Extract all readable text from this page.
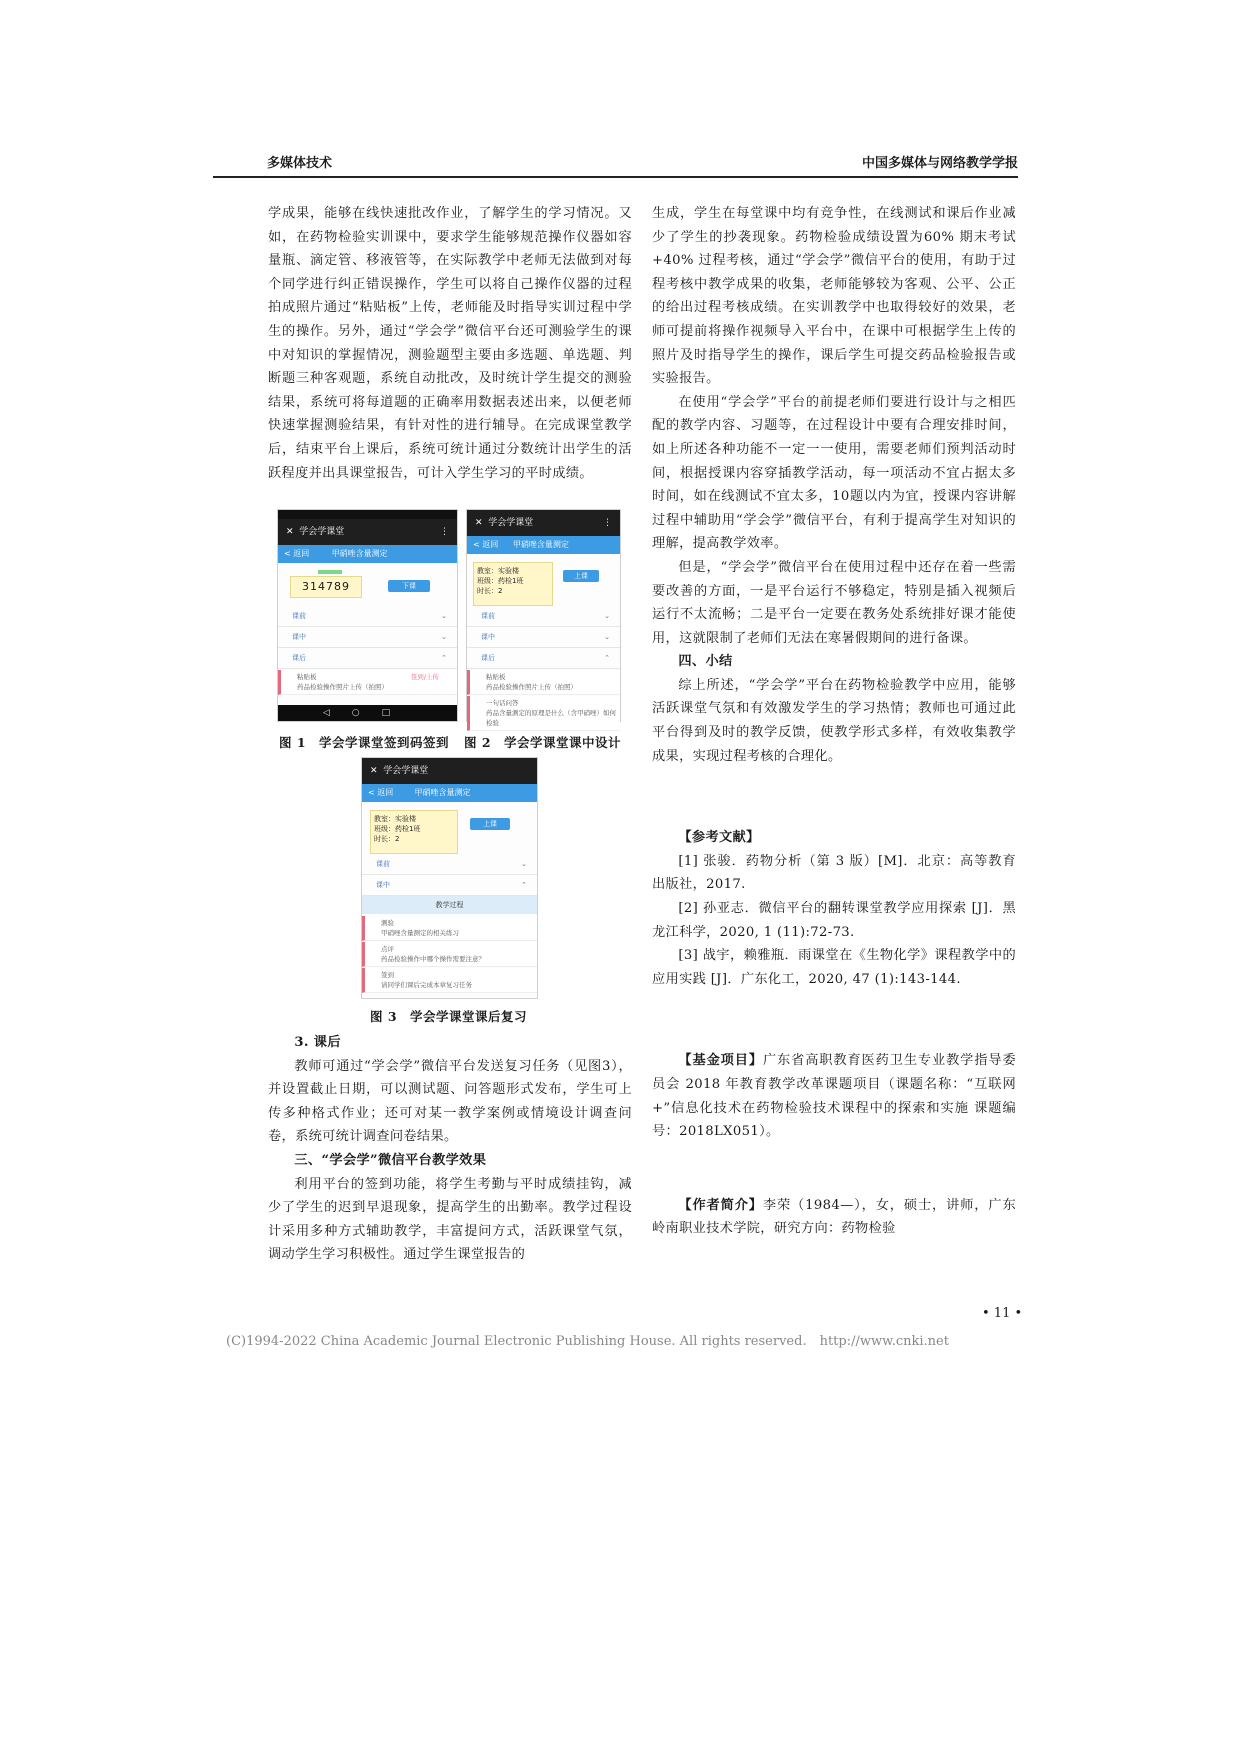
多媒体技术	中国多媒体与网络教学学报

学成果，能够在线快速批改作业，了解学生的学习情况。又如，在药物检验实训课中，要求学生能够规范操作仪器如容量瓶、滴定管、移液管等，在实际教学中老师无法做到对每个同学进行纠正错误操作，学生可以将自己操作仪器的过程拍成照片通过“粘贴板”上传，老师能及时指导实训过程中学生的操作。另外，通过“学会学”微信平台还可测验学生的课中对知识的掌握情况，测验题型主要由多选题、单选题、判断题三种客观题，系统自动批改，及时统计学生提交的测验结果，系统可将每道题的正确率用数据表述出来，以便老师快速掌握测验结果，有针对性的进行辅导。在完成课堂教学后，结束平台上课后，系统可统计通过分数统计出学生的活跃程度并出具课堂报告，可计入学生学习的平时成绩。

✕ 学会学课堂	⋮
< 返回	甲硝唑含量测定
314789	下课
课前	⌄
课中	⌄
课后	⌃
粘贴板
药品检验操作照片上传（拍照）
签到/上传
◁○□
✕ 学会学课堂	⋮
< 返回 甲硝唑含量测定
教室：实验楼
班级：药检1班
时长：2
上课
课前	⌄
课中	⌄
课后	⌃
粘贴板
药品检验操作照片上传（拍照）
一句话问答
药品含量测定的原理是什么（含甲硝唑）如何检验
图 1　学会学课堂签到码签到 图 2　学会学课堂课中设计
✕ 学会学课堂
< 返回	甲硝唑含量测定
教室：实验楼
班级：药检1班
时长：2
上课
课前	⌄
课中	⌃
教学过程
测验
甲硝唑含量测定的相关练习
点评
药品检验操作中哪个操作需要注意？
签到
请同学们课后完成本章复习任务
图 3　学会学课堂课后复习

3. 课后

教师可通过“学会学”微信平台发送复习任务（见图3），并设置截止日期，可以测试题、问答题形式发布，学生可上传多种格式作业；还可对某一教学案例或情境设计调查问卷，系统可统计调查问卷结果。

三、“学会学”微信平台教学效果

利用平台的签到功能，将学生考勤与平时成绩挂钩，减少了学生的迟到早退现象，提高学生的出勤率。教学过程设计采用多种方式辅助教学，丰富提问方式，活跃课堂气氛，调动学生学习积极性。通过学生课堂报告的

生成，学生在每堂课中均有竞争性，在线测试和课后作业减少了学生的抄袭现象。药物检验成绩设置为60% 期末考试 +40% 过程考核，通过“学会学”微信平台的使用，有助于过程考核中教学成果的收集，老师能够较为客观、公平、公正的给出过程考核成绩。在实训教学中也取得较好的效果，老师可提前将操作视频导入平台中，在课中可根据学生上传的照片及时指导学生的操作，课后学生可提交药品检验报告或实验报告。

在使用“学会学”平台的前提老师们要进行设计与之相匹配的教学内容、习题等，在过程设计中要有合理安排时间，如上所述各种功能不一定一一使用，需要老师们预判活动时间，根据授课内容穿插教学活动，每一项活动不宜占据太多时间，如在线测试不宜太多，10题以内为宜，授课内容讲解过程中辅助用“学会学”微信平台，有利于提高学生对知识的理解，提高教学效率。

但是，“学会学”微信平台在使用过程中还存在着一些需要改善的方面，一是平台运行不够稳定，特别是插入视频后运行不太流畅；二是平台一定要在教务处系统排好课才能使用，这就限制了老师们无法在寒暑假期间的进行备课。

四、小结

综上所述，“学会学”平台在药物检验教学中应用，能够活跃课堂气氛和有效激发学生的学习热情；教师也可通过此平台得到及时的教学反馈，使教学形式多样，有效收集教学成果，实现过程考核的合理化。

【参考文献】

[1] 张骏．药物分析（第 3 版）[M]．北京：高等教育出版社，2017.

[2] 孙亚志．微信平台的翻转课堂教学应用探索 [J]．黑龙江科学，2020, 1 (11):72-73.

[3] 战宇，赖雅瓶．雨课堂在《生物化学》课程教学中的应用实践 [J]．广东化工，2020, 47 (1):143-144.

【基金项目】广东省高职教育医药卫生专业教学指导委员会 2018 年教育教学改革课题项目（课题名称：“互联网 +”信息化技术在药物检验技术课程中的探索和实施 课题编号：2018LX051）。

【作者简介】李荣（1984—），女，硕士，讲师，广东岭南职业技术学院，研究方向：药物检验

• 11 •
(C)1994-2022 China Academic Journal Electronic Publishing House. All rights reserved.　http://www.cnki.net
